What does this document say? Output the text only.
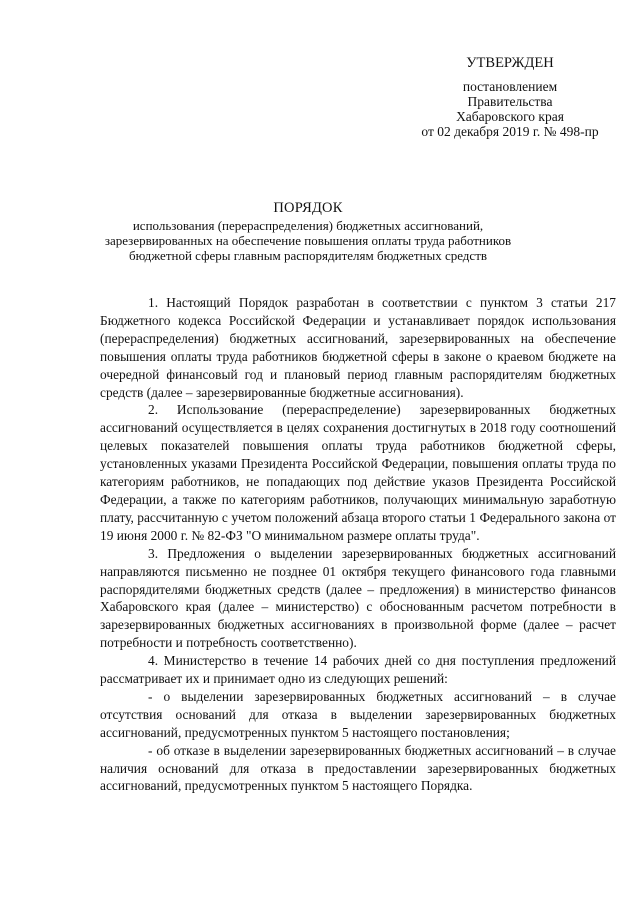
УТВЕРЖДЕН
постановлением
Правительства
Хабаровского края
от 02 декабря 2019 г. № 498-пр
ПОРЯДОК
использования (перераспределения) бюджетных ассигнований,
зарезервированных на обеспечение повышения оплаты труда работников
бюджетной сферы главным распорядителям бюджетных средств

1. Настоящий Порядок разработан в соответствии с пунктом 3 статьи 217 Бюджетного кодекса Российской Федерации и устанавливает порядок использования (перераспределения) бюджетных ассигнований, зарезервированных на обеспечение повышения оплаты труда работников бюджетной сферы в законе о краевом бюджете на очередной финансовый год и плановый период главным распорядителям бюджетных средств (далее – зарезервированные бюджетные ассигнования).

2. Использование (перераспределение) зарезервированных бюджетных ассигнований осуществляется в целях сохранения достигнутых в 2018 году соотношений целевых показателей повышения оплаты труда работников бюджетной сферы, установленных указами Президента Российской Федерации, повышения оплаты труда по категориям работников, не попадающих под действие указов Президента Российской Федерации, а также по категориям работников, получающих минимальную заработную плату, рассчитанную с учетом положений абзаца второго статьи 1 Федерального закона от 19 июня 2000 г. № 82-ФЗ "О минимальном размере оплаты труда".

3. Предложения о выделении зарезервированных бюджетных ассигнований направляются письменно не позднее 01 октября текущего финансового года главными распорядителями бюджетных средств (далее – предложения) в министерство финансов Хабаровского края (далее – министерство) с обоснованным расчетом потребности в зарезервированных бюджетных ассигнованиях в произвольной форме (далее – расчет потребности и потребность соответственно).

4. Министерство в течение 14 рабочих дней со дня поступления предложений рассматривает их и принимает одно из следующих решений:

- о выделении зарезервированных бюджетных ассигнований – в случае отсутствия оснований для отказа в выделении зарезервированных бюджетных ассигнований, предусмотренных пунктом 5 настоящего постановления;

- об отказе в выделении зарезервированных бюджетных ассигнований – в случае наличия оснований для отказа в предоставлении зарезервированных бюджетных ассигнований, предусмотренных пунктом 5 настоящего Порядка.
